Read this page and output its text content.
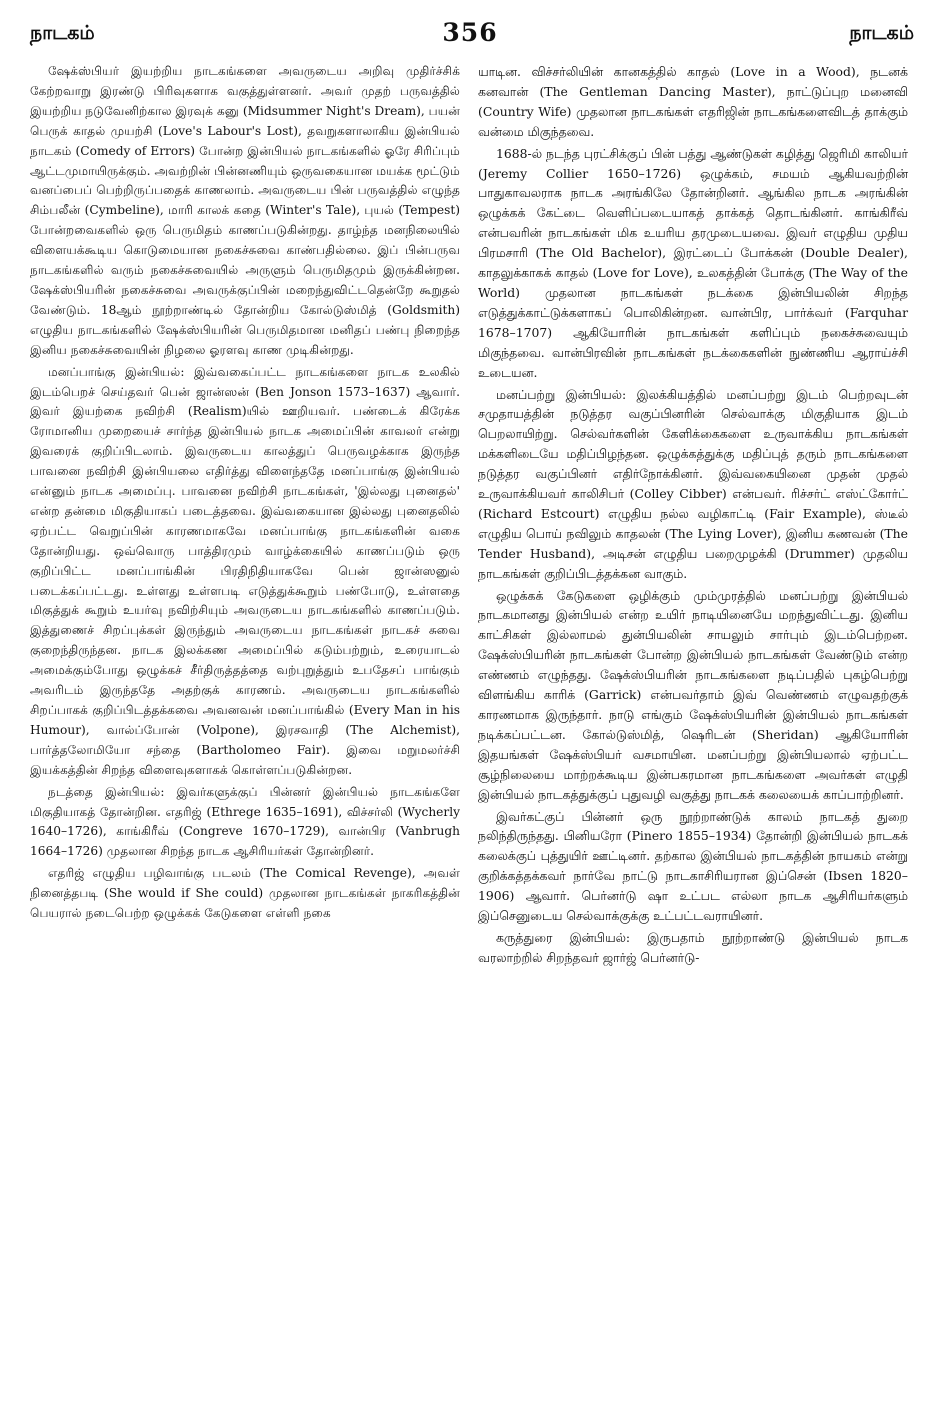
நாடகம்	356	நாடகம்

ஷேக்ஸ்பியர் இயற்றிய நாடகங்களை அவருடைய அறிவு முதிர்ச்சிக் கேற்றவாறு இரண்டு பிரிவுகளாக வகுத்துள்ளனர். அவர் முதற் பருவத்தில் இயற்றிய நடுவேனிற்கால இரவுக் கனு (Midsummer Night's Dream), பயன் பெருக் காதல் முயற்சி (Love's Labour's Lost), தவறுகளாலாகிய இன்பியல் நாடகம் (Comedy of Errors) போன்ற இன்பியல் நாடகங்களில் ஓரே சிரிப்பும் ஆட்டமுமாயிருக்கும். அவற்றின் பின்னணியும் ஒருவகையான மயக்க மூட்டும் வனப்பைப் பெற்றிருப்பதைக் காணலாம். அவருடைய பின் பருவத்தில் எழுந்த சிம்பலீன் (Cymbeline), மாரி காலக் கதை (Winter's Tale), புயல் (Tempest) போன்றவைகளில் ஒரு பெருமிதம் காணப்படுகின்றது. தாழ்ந்த மனநிலையில் விளையக்கூடிய கொடுமையான நகைச்சுவை காண்பதில்லை. இப் பின்பருவ நாடகங்களில் வரும் நகைச்சுவையில் அருளும் பெருமிதமும் இருக்கின்றன. ஷேக்ஸ்பியரின் நகைச்சுவை அவருக்குப்பின் மறைந்துவிட்டதென்றே கூறுதல் வேண்டும். 18ஆம் நூற்றாண்டில் தோன்றிய கோல்டுஸ்மித் (Goldsmith) எழுதிய நாடகங்களில் ஷேக்ஸ்பியரின் பெருமிதமான மனிதப் பண்பு நிறைந்த இனிய நகைச்சுவையின் நிழலை ஓரளவு காண முடிகின்றது.

மனப்பாங்கு இன்பியல்: இவ்வகைப்பட்ட நாடகங்களை நாடக உலகில் இடம்பெறச் செய்தவர் பென் ஜான்ஸன் (Ben Jonson 1573–1637) ஆவார். இவர் இயற்கை நவிற்சி (Realism)யில் ஊறியவர். பண்டைக் கிரேக்க ரோமானிய முறையைச் சார்ந்த இன்பியல் நாடக அமைப்பின் காவலர் என்று இவரைக் குறிப்பிடலாம். இவருடைய காலத்துப் பெருவழக்காக இருந்த பாவனை நவிற்சி இன்பியலை எதிர்த்து விளைந்ததே மனப்பாங்கு இன்பியல் என்னும் நாடக அமைப்பு. பாவனை நவிற்சி நாடகங்கள், 'இல்லது புனைதல்' என்ற தன்மை மிகுதியாகப் படைத்தவை. இவ்வகையான இல்லது புனைதலில் ஏற்பட்ட வெறுப்பின் காரணமாகவே மனப்பாங்கு நாடகங்களின் வகை தோன்றியது. ஒவ்வொரு பாத்திரமும் வாழ்க்கையில் காணப்படும் ஒரு குறிப்பிட்ட மனப்பாங்கின் பிரதிநிதியாகவே பென் ஜான்ஸனுல் படைக்கப்பட்டது. உள்ளது உள்ளபடி எடுத்துக்கூறும் பண்போடு, உள்ளதை மிகுத்துக் கூறும் உயர்வு நவிற்சியும் அவருடைய நாடகங்களில் காணப்படும். இத்துணைச் சிறப்புக்கள் இருந்தும் அவருடைய நாடகங்கள் நாடகச் சுவை குறைந்திருந்தன. நாடக இலக்கண அமைப்பில் கடும்பற்றும், உரையாடல் அமைக்கும்போது ஒழுக்கச் சீர்திருத்தத்தை வற்புறுத்தும் உபதேசப் பாங்கும் அவரிடம் இருந்ததே அதற்குக் காரணம். அவருடைய நாடகங்களில் சிறப்பாகக் குறிப்பிடத்தக்கவை அவனவன் மனப்பாங்கில் (Every Man in his Humour), வால்ப்போன் (Volpone), இரசவாதி (The Alchemist), பார்த்தலோமியோ சந்தை (Bartholomeo Fair). இவை மறுமலர்ச்சி இயக்கத்தின் சிறந்த விளைவுகளாகக் கொள்ளப்படுகின்றன.

நடத்தை இன்பியல்: இவர்களுக்குப் பின்னர் இன்பியல் நாடகங்களே மிகுதியாகத் தோன்றின. எதரிஜ் (Ethrege 1635–1691), விச்சர்லி (Wycherly 1640–1726), காங்கிரீவ் (Congreve 1670–1729), வான்பிர (Vanbrugh 1664–1726) முதலான சிறந்த நாடக ஆசிரியர்கள் தோன்றினர்.

எதரிஜ் எழுதிய பழிவாங்கு படலம் (The Comical Revenge), அவள் நினைத்தபடி (She would if She could) முதலான நாடகங்கள் நாகரிகத்தின் பெயரால் நடைபெற்ற ஒழுக்கக் கேடுகளை எள்ளி நகை

யாடின. விச்சர்லியின் கானகத்தில் காதல் (Love in a Wood), நடனக் கனவான் (The Gentleman Dancing Master), நாட்டுப்புற மனைவி (Country Wife) முதலான நாடகங்கள் எதரிஜின் நாடகங்களைவிடத் தாக்கும் வன்மை மிகுந்தவை.

1688-ல் நடந்த புரட்சிக்குப் பின் பத்து ஆண்டுகள் கழித்து ஜெரிமி காலியர் (Jeremy Collier 1650–1726) ஒழுக்கம், சமயம் ஆகியவற்றின் பாதுகாவலராக நாடக அரங்கிலே தோன்றினர். ஆங்கில நாடக அரங்கின் ஒழுக்கக் கேட்டை வெளிப்படையாகத் தாக்கத் தொடங்கினர். காங்கிரீவ் என்பவரின் நாடகங்கள் மிக உயரிய தரமுடையவை. இவர் எழுதிய முதிய பிரமசாரி (The Old Bachelor), இரட்டைப் போக்கன் (Double Dealer), காதலுக்காகக் காதல் (Love for Love), உலகத்தின் போக்கு (The Way of the World) முதலான நாடகங்கள் நடக்கை இன்பியலின் சிறந்த எடுத்துக்காட்டுக்களாகப் பொலிகின்றன. வான்பிர, பார்க்வர் (Farquhar 1678–1707) ஆகியோரின் நாடகங்கள் களிப்பும் நகைச்சுவையும் மிகுந்தவை. வான்பிரவின் நாடகங்கள் நடக்கைகளின் நுண்ணிய ஆராய்ச்சி உடையன.

மனப்பற்று இன்பியல்: இலக்கியத்தில் மனப்பற்று இடம் பெற்றவுடன் சமுதாயத்தின் நடுத்தர வகுப்பினரின் செல்வாக்கு மிகுதியாக இடம் பெறலாயிற்று. செல்வர்களின் கேளிக்கைகளை உருவாக்கிய நாடகங்கள் மக்களிடையே மதிப்பிழந்தன. ஒழுக்கத்துக்கு மதிப்புத் தரும் நாடகங்களை நடுத்தர வகுப்பினர் எதிர்நோக்கினர். இவ்வகையினை முதன் முதல் உருவாக்கியவர் காலிசிபர் (Colley Cibber) என்பவர். ரிச்சர்ட் எஸ்ட்கோர்ட் (Richard Estcourt) எழுதிய நல்ல வழிகாட்டி (Fair Example), ஸ்டீல் எழுதிய பொய் நவிலும் காதலன் (The Lying Lover), இனிய கணவன் (The Tender Husband), அடிசன் எழுதிய பறைமுழக்கி (Drummer) முதலிய நாடகங்கள் குறிப்பிடத்தக்கன வாகும்.

ஒழுக்கக் கேடுகளை ஒழிக்கும் மும்முரத்தில் மனப்பற்று இன்பியல் நாடகமானது இன்பியல் என்ற உயிர் நாடியினையே மறந்துவிட்டது. இனிய காட்சிகள் இல்லாமல் துன்பியலின் சாயலும் சார்பும் இடம்பெற்றன. ஷேக்ஸ்பியரின் நாடகங்கள் போன்ற இன்பியல் நாடகங்கள் வேண்டும் என்ற எண்ணம் எழுந்தது. ஷேக்ஸ்பியரின் நாடகங்களை நடிப்பதில் புகழ்பெற்று விளங்கிய காரிக் (Garrick) என்பவர்தாம் இவ் வெண்ணம் எழுவதற்குக் காரணமாக இருந்தார். நாடு எங்கும் ஷேக்ஸ்பியரின் இன்பியல் நாடகங்கள் நடிக்கப்பட்டன. கோல்டுஸ்மித், ஷெரிடன் (Sheridan) ஆகியோரின் இதயங்கள் ஷேக்ஸ்பியர் வசமாயின. மனப்பற்று இன்பியலால் ஏற்பட்ட சூழ்நிலையை மாற்றக்கூடிய இன்பகரமான நாடகங்களை அவர்கள் எழுதி இன்பியல் நாடகத்துக்குப் புதுவழி வகுத்து நாடகக் கலையைக் காப்பாற்றினர்.

இவர்கட்குப் பின்னர் ஒரு நூற்றாண்டுக் காலம் நாடகத் துறை நலிந்திருந்தது. பினியரோ (Pinero 1855–1934) தோன்றி இன்பியல் நாடகக் கலைக்குப் புத்துயிர் ஊட்டினர். தற்கால இன்பியல் நாடகத்தின் நாயகம் என்று குறிக்கத்தக்கவர் நார்வே நாட்டு நாடகாசிரியரான இப்சென் (Ibsen 1820–1906) ஆவார். பெர்னர்டு ஷா உட்பட எல்லா நாடக ஆசிரியர்களும் இப்செனுடைய செல்வாக்குக்கு உட்பட்டவராயினர்.

கருத்துரை இன்பியல்: இருபதாம் நூற்றாண்டு இன்பியல் நாடக வரலாற்றில் சிறந்தவர் ஜார்ஜ் பெர்னர்டு-
